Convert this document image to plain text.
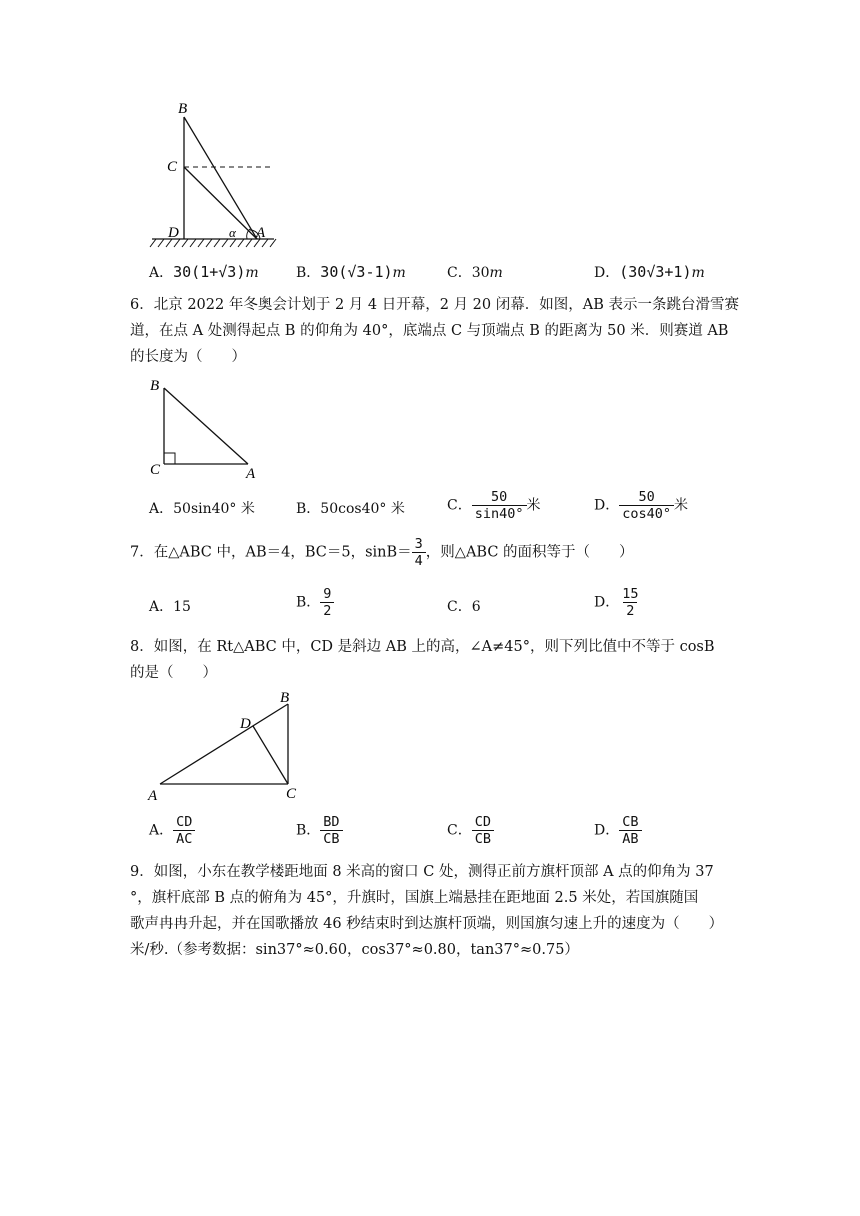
B
C
D	A
α
A．30(1+√3)m	B．30(√3-1)m	C．30m	D．(30√3+1)m
6．北京 2022 年冬奥会计划于 2 月 4 日开幕，2 月 20 闭幕．如图，AB 表示一条跳台滑雪赛
道，在点 A 处测得起点 B 的仰角为 40°，底端点 C 与顶端点 B 的距离为 50 米．则赛道 AB
的长度为（　　）
B
C	A
A．50sin40° 米	B．50cos40° 米	C． $\frac{50}{\sin 40^\circ}$ 米	D． $\frac{50}{\cos 40^\circ}$ 米
7．在△ABC 中，AB＝4，BC＝5，$\sin B= \frac{3}{4}$ ，则△ABC 的面积等于（　　）
A．15	B． $\frac{9}{2}$	C．6	D． $\frac{15}{2}$
8．如图，在 Rt△ABC 中，CD 是斜边 AB 上的高，∠A≠45°，则下列比值中不等于 cosB
的是（　　）
A
B
C
D
A． $\frac{CD}{AC}$	B． $\frac{BD}{CB}$	C． $\frac{CD}{CB}$	D． $\frac{CB}{AB}$
9．如图，小东在教学楼距地面 8 米高的窗口 C 处，测得正前方旗杆顶部 A 点的仰角为 37
°，旗杆底部 B 点的俯角为 45°，升旗时，国旗上端悬挂在距地面 2.5 米处，若国旗随国
歌声冉冉升起，并在国歌播放 46 秒结束时到达旗杆顶端，则国旗匀速上升的速度为（　　）
米/秒.（参考数据：sin37°≈0.60，cos37°≈0.80，tan37°≈0.75）
